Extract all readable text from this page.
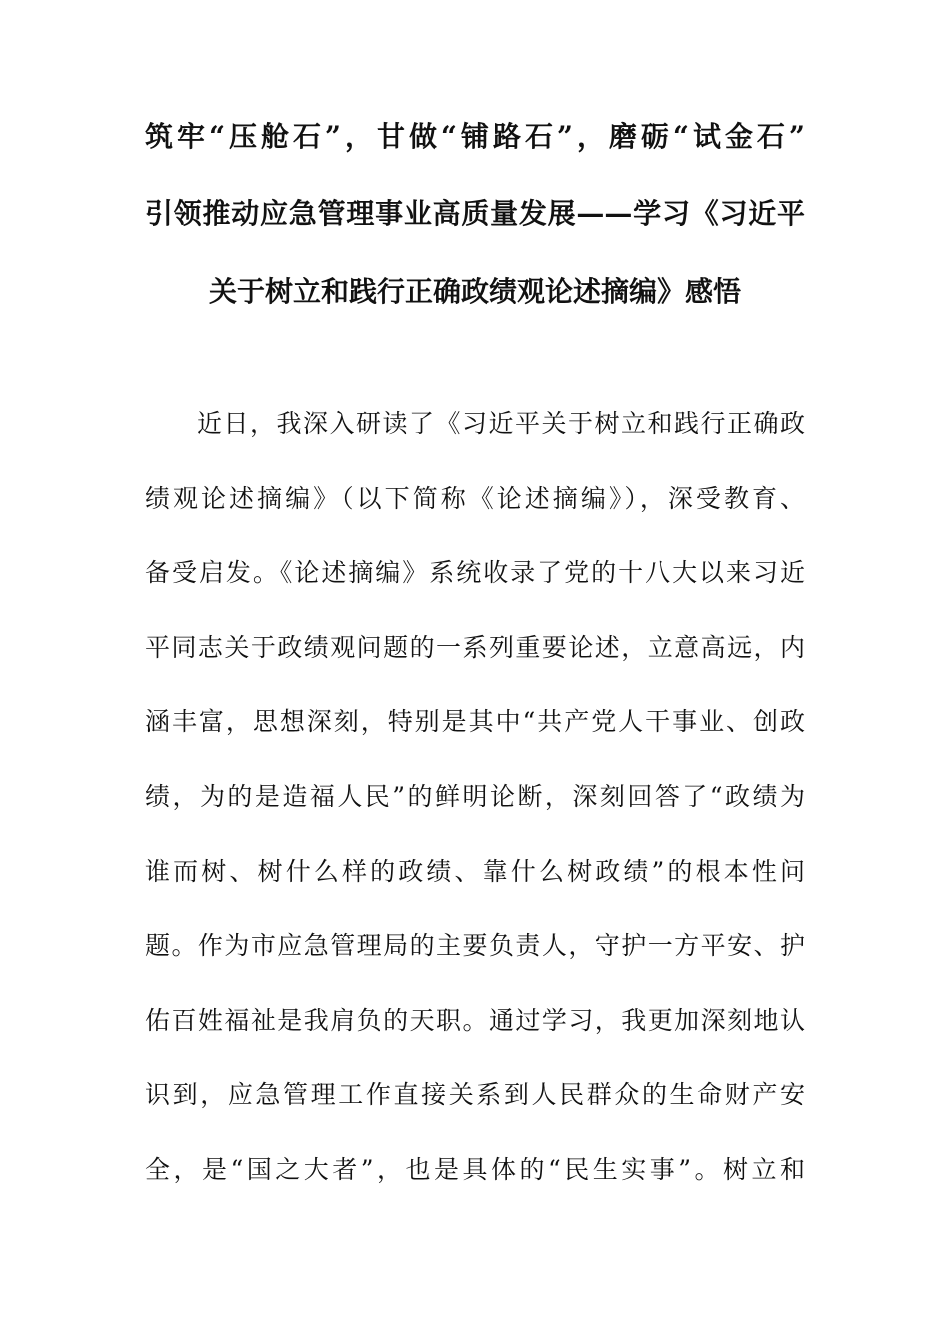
筑牢“压舱石”，甘做“铺路石”，磨砺“试金石”
引领推动应急管理事业高质量发展——学习《习近平
关于树立和践行正确政绩观论述摘编》感悟
近日，我深入研读了《习近平关于树立和践行正确政
绩观论述摘编》（以下简称《论述摘编》），深受教育、
备受启发。《论述摘编》系统收录了党的十八大以来习近
平同志关于政绩观问题的一系列重要论述，立意高远，内
涵丰富，思想深刻，特别是其中“共产党人干事业、创政
绩，为的是造福人民”的鲜明论断，深刻回答了“政绩为
谁而树、树什么样的政绩、靠什么树政绩”的根本性问
题。作为市应急管理局的主要负责人，守护一方平安、护
佑百姓福祉是我肩负的天职。通过学习，我更加深刻地认
识到，应急管理工作直接关系到人民群众的生命财产安
全，是“国之大者”，也是具体的“民生实事”。树立和
